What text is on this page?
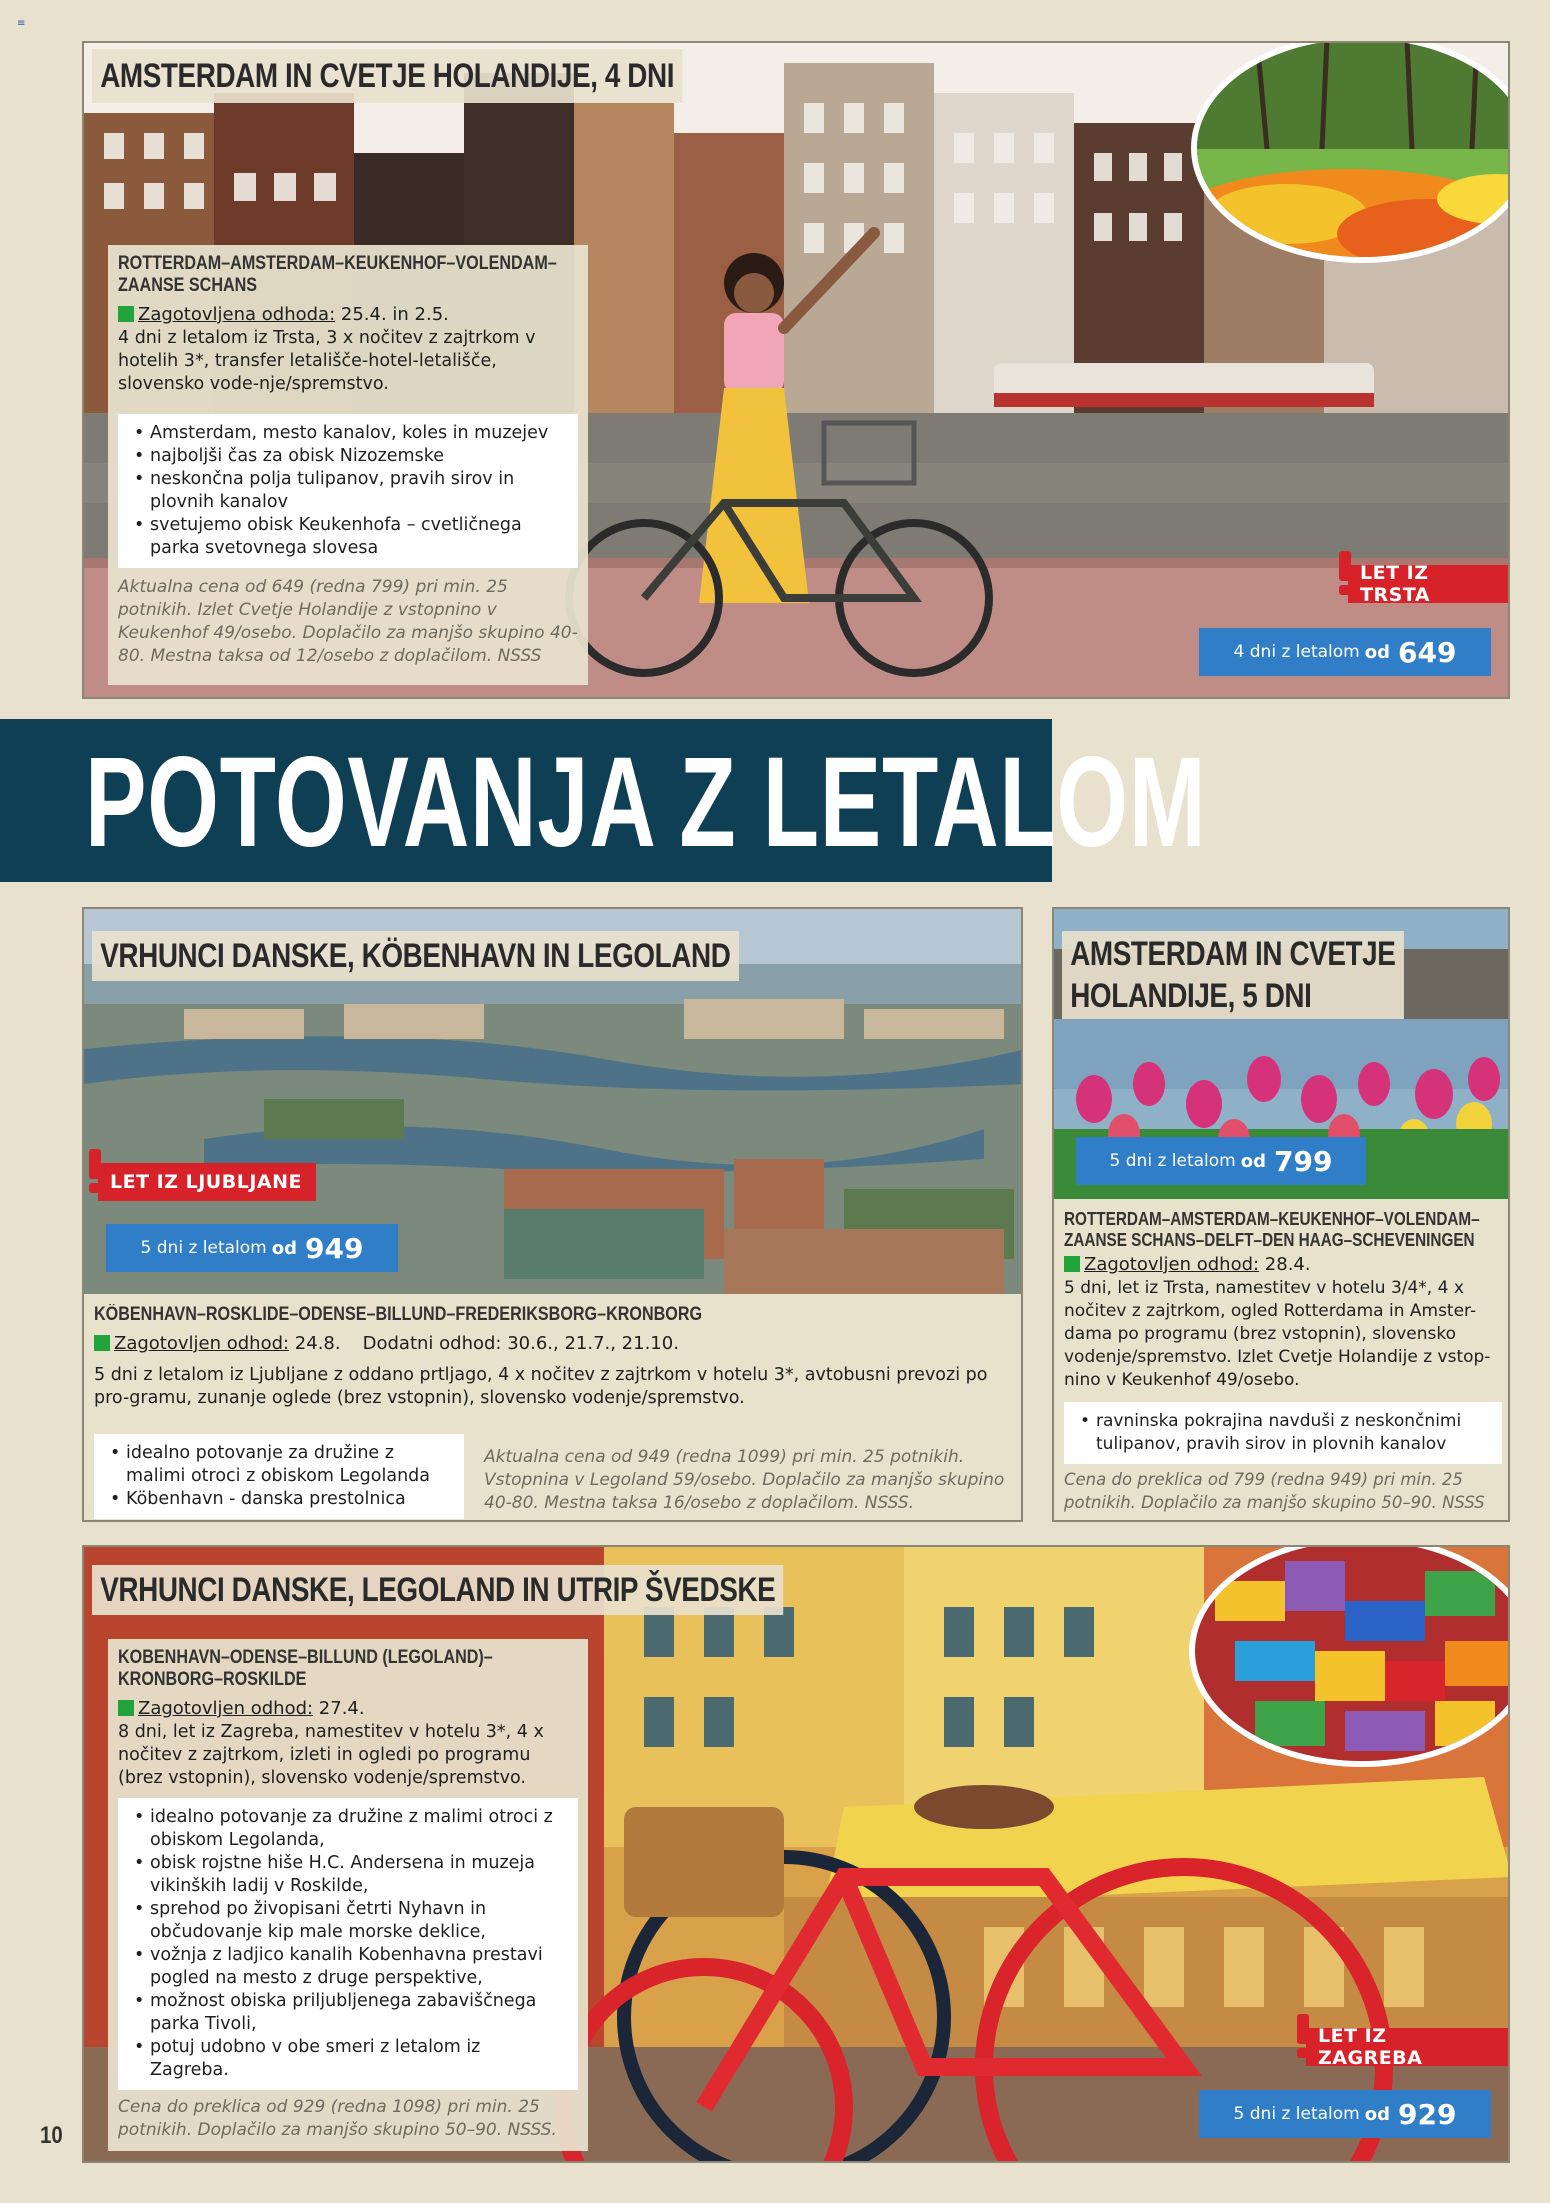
≡
AMSTERDAM IN CVETJE HOLANDIJE, 4 DNI
ROTTERDAM–AMSTERDAM–KEUKENHOF–VOLENDAM–ZAANSE SCHANS
Zagotovljena odhoda: 25.4. in 2.5.
4 dni z letalom iz Trsta, 3 x nočitev z zajtrkom v hotelih 3*, transfer letališče-hotel-letališče, slovensko vode-nje/spremstvo.
• Amsterdam, mesto kanalov, koles in muzejev
• najboljši čas za obisk Nizozemske
• neskončna polja tulipanov, pravih sirov in plovnih kanalov
• svetujemo obisk Keukenhofa – cvetličnega parka svetovnega slovesa
Aktualna cena od 649 (redna 799) pri min. 25 potnikih. Izlet Cvetje Holandije z vstopnino v Keukenhof 49/osebo. Doplačilo za manjšo skupino 40-80. Mestna taksa od 12/osebo z doplačilom. NSSS
LET IZ TRSTA
4 dni z letalom od 649
POTOVANJA Z LETALOM
VRHUNCI DANSKE, KÖBENHAVN IN LEGOLAND
LET IZ LJUBLJANE
5 dni z letalom od 949
KÖBENHAVN–ROSKLIDE–ODENSE–BILLUND–FREDERIKSBORG–KRONBORG
Zagotovljen odhod: 24.8. Dodatni odhod: 30.6., 21.7., 21.10.
5 dni z letalom iz Ljubljane z oddano prtljago, 4 x nočitev z zajtrkom v hotelu 3*, avtobusni prevozi po pro-gramu, zunanje oglede (brez vstopnin), slovensko vodenje/spremstvo.
• idealno potovanje za družine z malimi otroci z obiskom Legolanda
• Köbenhavn - danska prestolnica
Aktualna cena od 949 (redna 1099) pri min. 25 potnikih. Vstopnina v Legoland 59/osebo. Doplačilo za manjšo skupino 40-80. Mestna taksa 16/osebo z doplačilom. NSSS.
AMSTERDAM IN CVETJE
HOLANDIJE, 5 DNI
5 dni z letalom od 799
ROTTERDAM–AMSTERDAM–KEUKENHOF–VOLENDAM–ZAANSE SCHANS–DELFT–DEN HAAG–SCHEVENINGEN
Zagotovljen odhod: 28.4.
5 dni, let iz Trsta, namestitev v hotelu 3/4*, 4 x nočitev z zajtrkom, ogled Rotterdama in Amster-dama po programu (brez vstopnin), slovensko vodenje/spremstvo. Izlet Cvetje Holandije z vstop-nino v Keukenhof 49/osebo.
• ravninska pokrajina navduši z neskončnimi tulipanov, pravih sirov in plovnih kanalov
Cena do preklica od 799 (redna 949) pri min. 25 potnikih. Doplačilo za manjšo skupino 50–90. NSSS
VRHUNCI DANSKE, LEGOLAND IN UTRIP ŠVEDSKE
KOBENHAVN–ODENSE–BILLUND (LEGOLAND)–KRONBORG–ROSKILDE
Zagotovljen odhod: 27.4.
8 dni, let iz Zagreba, namestitev v hotelu 3*, 4 x nočitev z zajtrkom, izleti in ogledi po programu (brez vstopnin), slovensko vodenje/spremstvo.
• idealno potovanje za družine z malimi otroci z obiskom Legolanda,
• obisk rojstne hiše H.C. Andersena in muzeja vikinških ladij v Roskilde,
• sprehod po živopisani četrti Nyhavn in občudovanje kip male morske deklice,
• vožnja z ladjico kanalih Kobenhavna prestavi pogled na mesto z druge perspektive,
• možnost obiska priljubljenega zabaviščnega parka Tivoli,
• potuj udobno v obe smeri z letalom iz Zagreba.
Cena do preklica od 929 (redna 1098) pri min. 25 potnikih. Doplačilo za manjšo skupino 50–90. NSSS.
LET IZ ZAGREBA
5 dni z letalom od 929
10
